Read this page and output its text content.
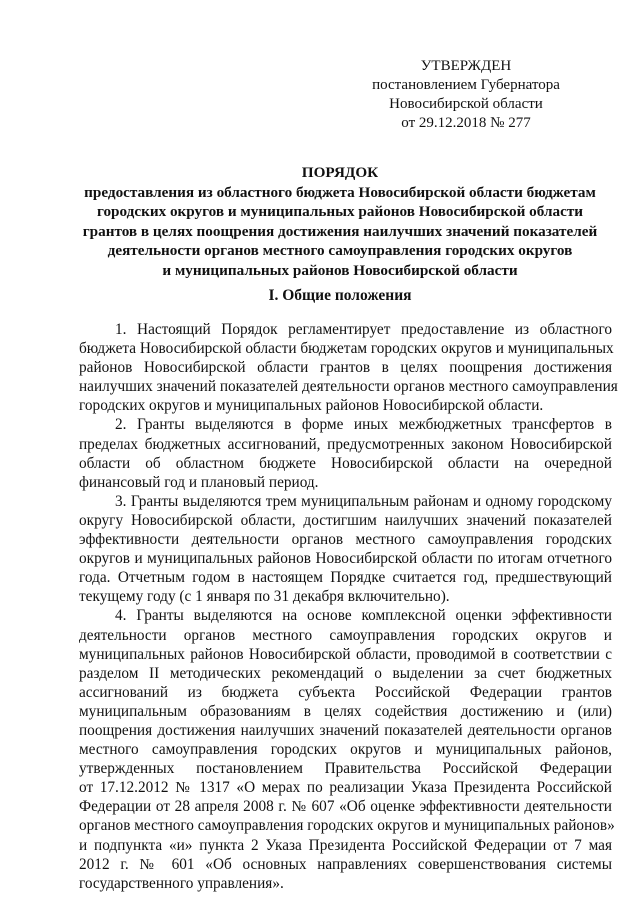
УТВЕРЖДЕН
постановлением Губернатора
Новосибирской области
от 29.12.2018 № 277
ПОРЯДОК
предоставления из областного бюджета Новосибирской области бюджетам
городских округов и муниципальных районов Новосибирской области
грантов в целях поощрения достижения наилучших значений показателей
деятельности органов местного самоуправления городских округов
и муниципальных районов Новосибирской области
I. Общие положения

1. Настоящий Порядок регламентирует предоставление из областного
бюджета Новосибирской области бюджетам городских округов и муниципальных
районов Новосибирской области грантов в целях поощрения достижения
наилучших значений показателей деятельности органов местного самоуправления
городских округов и муниципальных районов Новосибирской области.

2. Гранты выделяются в форме иных межбюджетных трансфертов в
пределах бюджетных ассигнований, предусмотренных законом Новосибирской
области об областном бюджете Новосибирской области на очередной
финансовый год и плановый период.

3. Гранты выделяются трем муниципальным районам и одному городскому
округу Новосибирской области, достигшим наилучших значений показателей
эффективности деятельности органов местного самоуправления городских
округов и муниципальных районов Новосибирской области по итогам отчетного
года. Отчетным годом в настоящем Порядке считается год, предшествующий
текущему году (с 1 января по 31 декабря включительно).

4. Гранты выделяются на основе комплексной оценки эффективности
деятельности органов местного самоуправления городских округов и
муниципальных районов Новосибирской области, проводимой в соответствии с
разделом II методических рекомендаций о выделении за счет бюджетных
ассигнований из бюджета субъекта Российской Федерации грантов
муниципальным образованиям в целях содействия достижению и (или)
поощрения достижения наилучших значений показателей деятельности органов
местного самоуправления городских округов и муниципальных районов,
утвержденных постановлением Правительства Российской Федерации
от 17.12.2012 № 1317 «О мерах по реализации Указа Президента Российской
Федерации от 28 апреля 2008 г. № 607 «Об оценке эффективности деятельности
органов местного самоуправления городских округов и муниципальных районов»
и подпункта «и» пункта 2 Указа Президента Российской Федерации от 7 мая
2012 г. № 601 «Об основных направлениях совершенствования системы
государственного управления».
